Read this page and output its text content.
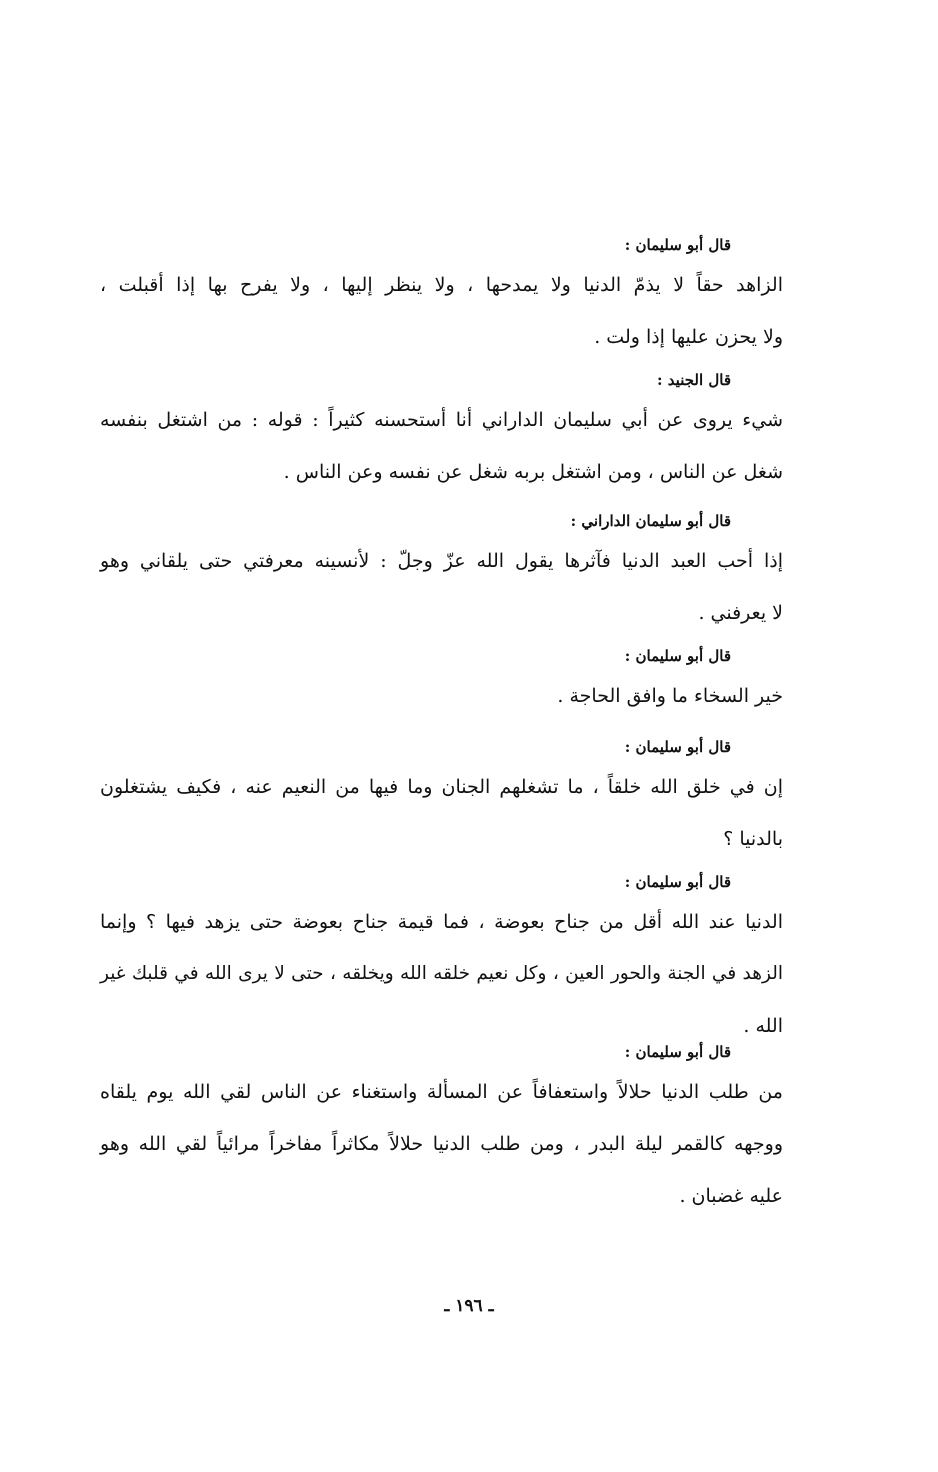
قال أبو سليمان :
الزاهد حقاً لا يذمّ الدنيا ولا يمدحها ، ولا ينظر إليها ، ولا يفرح بها إذا أقبلت ،
ولا يحزن عليها إذا ولت .
قال الجنيد :
شيء يروى عن أبي سليمان الداراني أنا أستحسنه كثيراً : قوله : من اشتغل بنفسه
شغل عن الناس ، ومن اشتغل بربه شغل عن نفسه وعن الناس .
قال أبو سليمان الداراني :
إذا أحب العبد الدنيا فآثرها يقول الله عزّ وجلّ : لأنسينه معرفتي حتى يلقاني وهو
لا يعرفني .
قال أبو سليمان :
خير السخاء ما وافق الحاجة .
قال أبو سليمان :
إن في خلق الله خلقاً ، ما تشغلهم الجنان وما فيها من النعيم عنه ، فكيف يشتغلون
بالدنيا ؟
قال أبو سليمان :
الدنيا عند الله أقل من جناح بعوضة ، فما قيمة جناح بعوضة حتى يزهد فيها ؟ وإنما
الزهد في الجنة والحور العين ، وكل نعيم خلقه الله ويخلقه ، حتى لا يرى الله في قلبك غير
الله .
قال أبو سليمان :
من طلب الدنيا حلالاً واستعفافاً عن المسألة واستغناء عن الناس لقي الله يوم يلقاه
ووجهه كالقمر ليلة البدر ، ومن طلب الدنيا حلالاً مكاثراً مفاخراً مرائياً لقي الله وهو
عليه غضبان .
ـ ١٩٦ ـ
